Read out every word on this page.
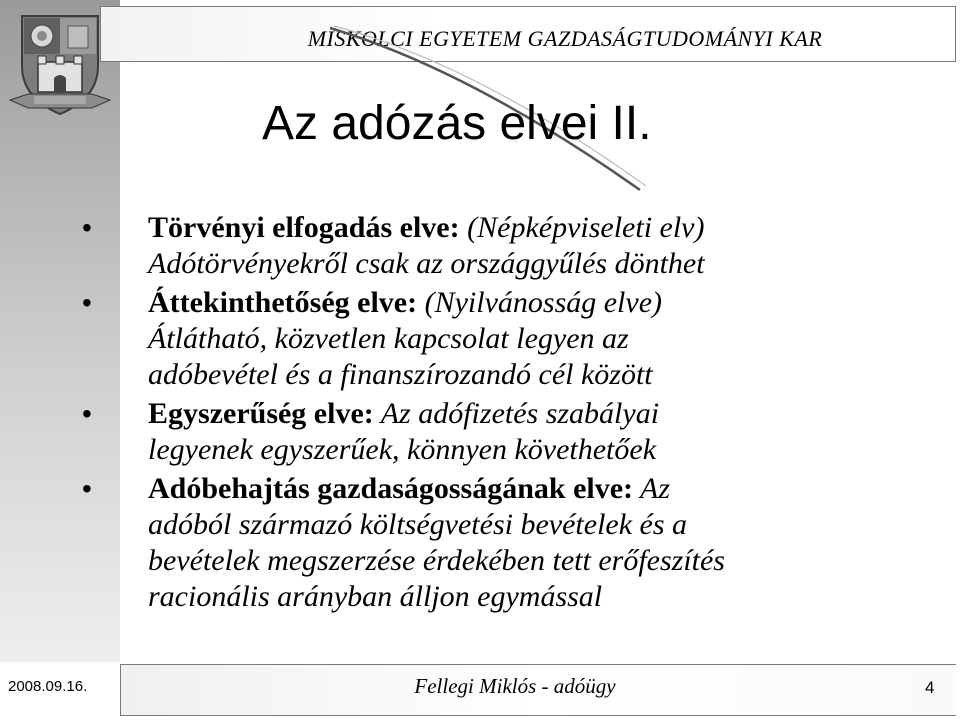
MISKOLCI EGYETEM GAZDASÁGTUDOMÁNYI KAR
Az adózás elvei II.
• Törvényi elfogadás elve: (Népképviseleti elv)
Adótörvényekről csak az országgyűlés dönthet
• Áttekinthetőség elve: (Nyilvánosság elve)
Átlátható, közvetlen kapcsolat legyen az
adóbevétel és a finanszírozandó cél között
• Egyszerűség elve: Az adófizetés szabályai
legyenek egyszerűek, könnyen követhetőek
• Adóbehajtás gazdaságosságának elve: Az
adóból származó költségvetési bevételek és a
bevételek megszerzése érdekében tett erőfeszítés
racionális arányban álljon egymással
2008.09.16.	Fellegi Miklós - adóügy	4
